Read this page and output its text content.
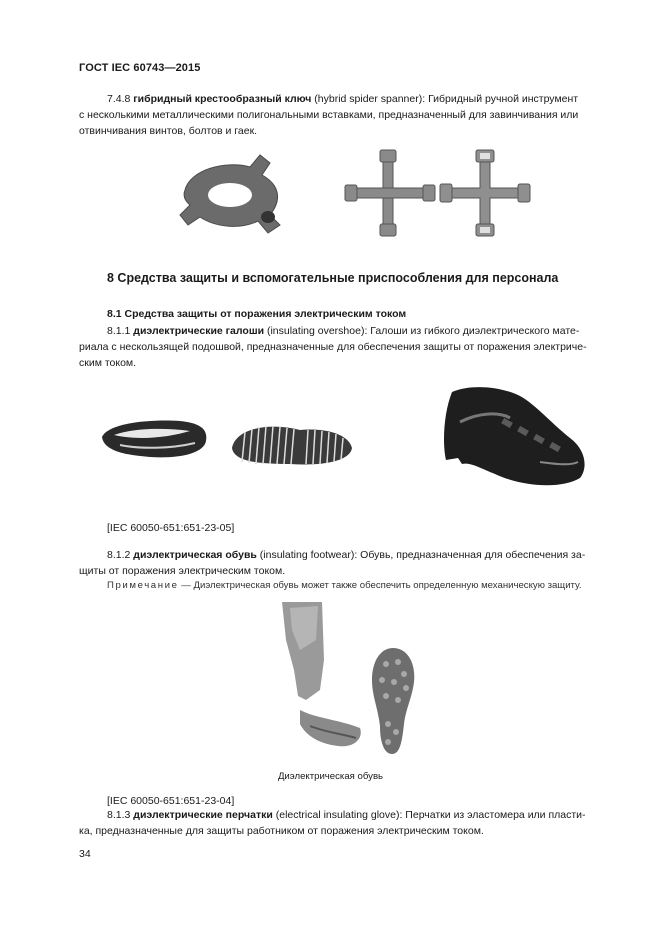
ГОСТ IEC 60743—2015
7.4.8 гибридный крестообразный ключ (hybrid spider spanner): Гибридный ручной инструмент
с несколькими металлическими полигональными вставками, предназначенный для завинчивания или
отвинчивания винтов, болтов и гаек.
8 Средства защиты и вспомогательные приспособления для персонала
8.1 Средства защиты от поражения электрическим током
8.1.1 диэлектрические галоши (insulating overshoe): Галоши из гибкого диэлектрического мате-
риала с нескользящей подошвой, предназначенные для обеспечения защиты от поражения электриче-
ским током.
[IEC 60050-651:651-23-05]
8.1.2 диэлектрическая обувь (insulating footwear): Обувь, предназначенная для обеспечения за-
щиты от поражения электрическим током.
Примечание — Диэлектрическая обувь может также обеспечить определенную механическую защиту.
Диэлектрическая обувь
[IEC 60050-651:651-23-04]
8.1.3 диэлектрические перчатки (electrical insulating glove): Перчатки из эластомера или пласти-
ка, предназначенные для защиты работником от поражения электрическим током.
34
